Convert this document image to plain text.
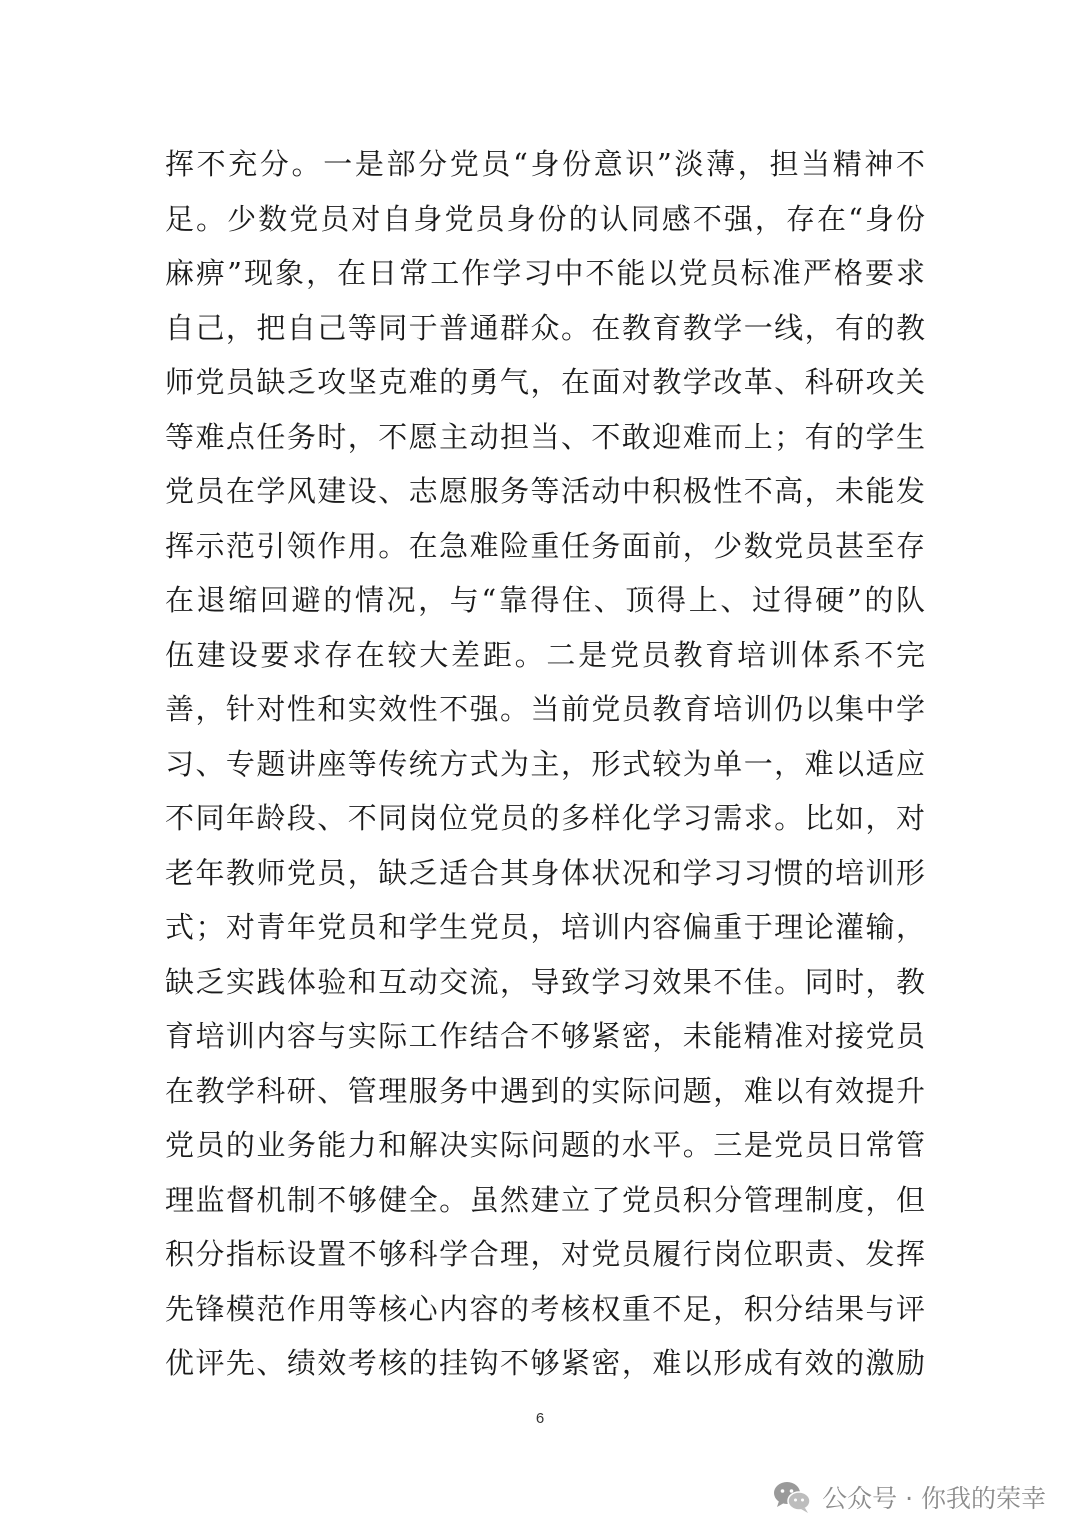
挥不充分。一是部分党员“身份意识”淡薄，担当精神不
足。少数党员对自身党员身份的认同感不强，存在“身份
麻痹”现象，在日常工作学习中不能以党员标准严格要求
自己，把自己等同于普通群众。在教育教学一线，有的教
师党员缺乏攻坚克难的勇气，在面对教学改革、科研攻关
等难点任务时，不愿主动担当、不敢迎难而上；有的学生
党员在学风建设、志愿服务等活动中积极性不高，未能发
挥示范引领作用。在急难险重任务面前，少数党员甚至存
在退缩回避的情况，与“靠得住、顶得上、过得硬”的队
伍建设要求存在较大差距。二是党员教育培训体系不完
善，针对性和实效性不强。当前党员教育培训仍以集中学
习、专题讲座等传统方式为主，形式较为单一，难以适应
不同年龄段、不同岗位党员的多样化学习需求。比如，对
老年教师党员，缺乏适合其身体状况和学习习惯的培训形
式；对青年党员和学生党员，培训内容偏重于理论灌输，
缺乏实践体验和互动交流，导致学习效果不佳。同时，教
育培训内容与实际工作结合不够紧密，未能精准对接党员
在教学科研、管理服务中遇到的实际问题，难以有效提升
党员的业务能力和解决实际问题的水平。三是党员日常管
理监督机制不够健全。虽然建立了党员积分管理制度，但
积分指标设置不够科学合理，对党员履行岗位职责、发挥
先锋模范作用等核心内容的考核权重不足，积分结果与评
优评先、绩效考核的挂钩不够紧密，难以形成有效的激励
6
公众号 · 你我的荣幸
